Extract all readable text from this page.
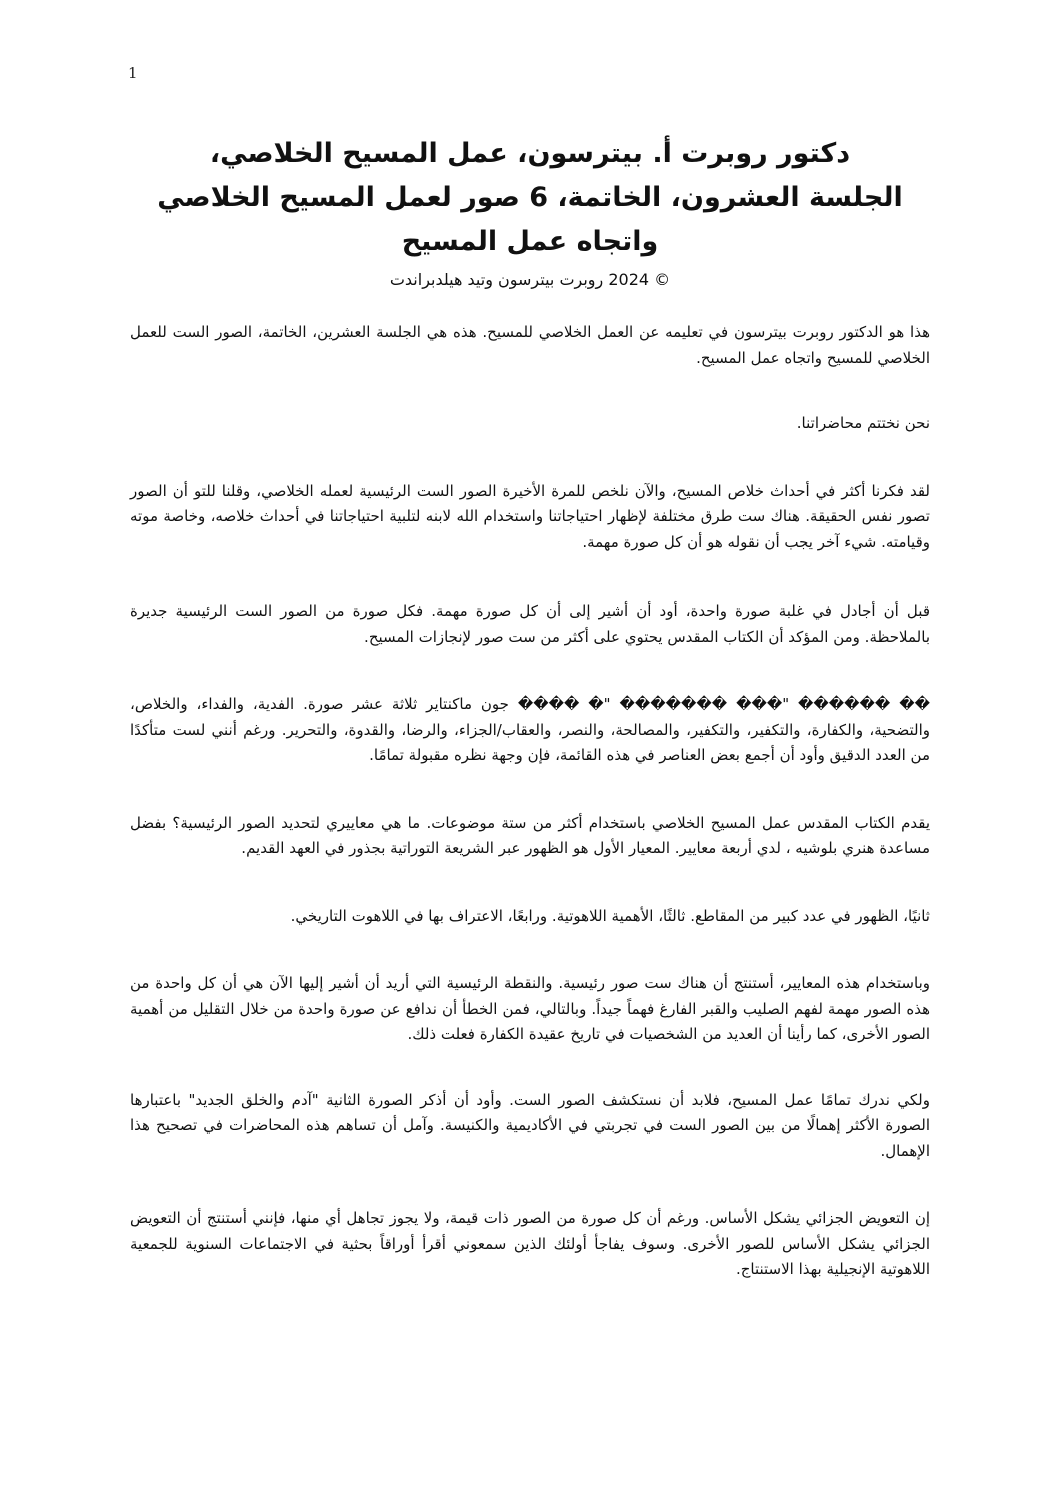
1

دكتور روبرت أ. بيترسون، عمل المسيح الخلاصي،

الجلسة العشرون، الخاتمة، 6 صور لعمل المسيح الخلاصي

واتجاه عمل المسيح

© 2024 روبرت بيترسون وتيد هيلدبراندت

هذا هو الدكتور روبرت بيترسون في تعليمه عن العمل الخلاصي للمسيح. هذه هي الجلسة العشرين، الخاتمة، الصور الست للعمل الخلاصي للمسيح واتجاه عمل المسيح.

نحن نختتم محاضراتنا.

لقد فكرنا أكثر في أحداث خلاص المسيح، والآن نلخص للمرة الأخيرة الصور الست الرئيسية لعمله الخلاصي، وقلنا للتو أن الصور تصور نفس الحقيقة. هناك ست طرق مختلفة لإظهار احتياجاتنا واستخدام الله لابنه لتلبية احتياجاتنا في أحداث خلاصه، وخاصة موته وقيامته. شيء آخر يجب أن نقوله هو أن كل صورة مهمة.

قبل أن أجادل في غلبة صورة واحدة، أود أن أشير إلى أن كل صورة مهمة. فكل صورة من الصور الست الرئيسية جديرة بالملاحظة. ومن المؤكد أن الكتاب المقدس يحتوي على أكثر من ست صور لإنجازات المسيح.

�� ������ "��� ������� "� ���� جون ماكنتاير ثلاثة عشر صورة. الفدية، والفداء، والخلاص، والتضحية، والكفارة، والتكفير، والتكفير، والمصالحة، والنصر، والعقاب/الجزاء، والرضا، والقدوة، والتحرير. ورغم أنني لست متأكدًا من العدد الدقيق وأود أن أجمع بعض العناصر في هذه القائمة، فإن وجهة نظره مقبولة تمامًا.

يقدم الكتاب المقدس عمل المسيح الخلاصي باستخدام أكثر من ستة موضوعات. ما هي معاييري لتحديد الصور الرئيسية؟ بفضل مساعدة هنري بلوشيه ، لدي أربعة معايير. المعيار الأول هو الظهور عبر الشريعة التوراتية بجذور في العهد القديم.

ثانيًا، الظهور في عدد كبير من المقاطع. ثالثًا، الأهمية اللاهوتية. ورابعًا، الاعتراف بها في اللاهوت التاريخي.

وباستخدام هذه المعايير، أستنتج أن هناك ست صور رئيسية. والنقطة الرئيسية التي أريد أن أشير إليها الآن هي أن كل واحدة من هذه الصور مهمة لفهم الصليب والقبر الفارغ فهماً جيداً. وبالتالي، فمن الخطأ أن ندافع عن صورة واحدة من خلال التقليل من أهمية الصور الأخرى، كما رأينا أن العديد من الشخصيات في تاريخ عقيدة الكفارة فعلت ذلك.

ولكي ندرك تمامًا عمل المسيح، فلابد أن نستكشف الصور الست. وأود أن أذكر الصورة الثانية "آدم والخلق الجديد" باعتبارها الصورة الأكثر إهمالًا من بين الصور الست في تجربتي في الأكاديمية والكنيسة. وآمل أن تساهم هذه المحاضرات في تصحيح هذا الإهمال.

إن التعويض الجزائي يشكل الأساس. ورغم أن كل صورة من الصور ذات قيمة، ولا يجوز تجاهل أي منها، فإنني أستنتج أن التعويض الجزائي يشكل الأساس للصور الأخرى. وسوف يفاجأ أولئك الذين سمعوني أقرأ أوراقاً بحثية في الاجتماعات السنوية للجمعية اللاهوتية الإنجيلية بهذا الاستنتاج.
